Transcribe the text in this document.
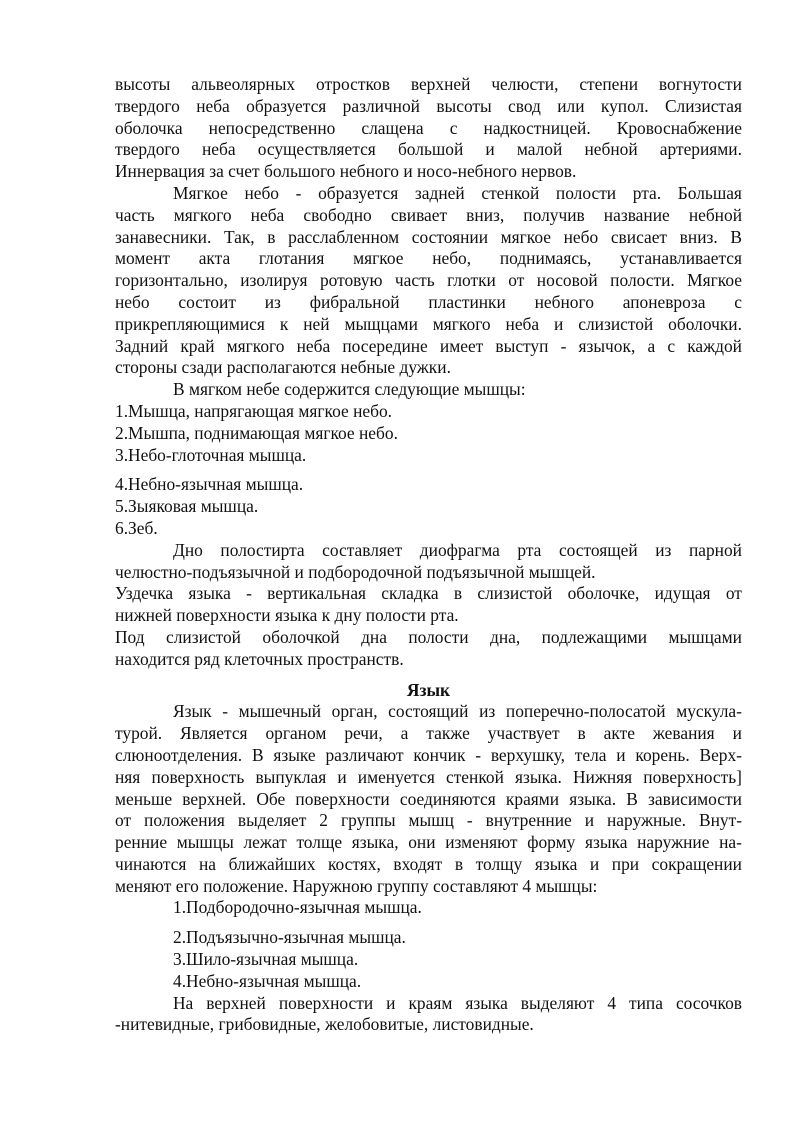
высоты альвеолярных отростков верхней челюсти, степени вогнутости
твердого неба образуется различной высоты свод или купол. Слизистая
оболочка непосредственно слащена с надкостницей. Кровоснабжение
твердого неба осуществляется большой и малой небной артериями.
Иннервация за счет большого небного и носо-небного нервов.
Мягкое небо - образуется задней стенкой полости рта. Большая
часть мягкого неба свободно свивает вниз, получив название небной
занавесники. Так, в расслабленном состоянии мягкое небо свисает вниз. В
момент акта глотания мягкое небо, поднимаясь, устанавливается
горизонтально, изолируя ротовую часть глотки от носовой полости. Мягкое
небо состоит из фибральной пластинки небного апоневроза с
прикрепляющимися к ней мыщцами мягкого неба и слизистой оболочки.
Задний край мягкого неба посередине имеет выступ - язычок, а с каждой
стороны сзади располагаются небные дужки.
В мягком небе содержится следующие мышцы:
1.Мышца, напрягающая мягкое небо.
2.Мышпа, поднимающая мягкое небо.
3.Небо-глоточная мышца.
4.Небно-язычная мышца.
5.Зыяковая мышца.
6.Зеб.
Дно полостирта составляет диофрагма рта состоящей из парной
челюстно-подъязычной и подбородочной подъязычной мышцей.
Уздечка языка - вертикальная складка в слизистой оболочке, идущая от
нижней поверхности языка к дну полости рта.
Под слизистой оболочкой дна полости дна, подлежащими мышцами
находится ряд клеточных пространств.
Язык
Язык - мышечный орган, состоящий из поперечно-полосатой мускула-
турой. Является органом речи, а также участвует в акте жевания и
слюноотделения. В языке различают кончик - верхушку, тела и корень. Верх-
няя поверхность выпуклая и именуется стенкой языка. Нижняя поверхность]
меньше верхней. Обе поверхности соединяются краями языка. В зависимости
от положения выделяет 2 группы мышц - внутренние и наружные. Внут-
ренние мышцы лежат толще языка, они изменяют форму языка наружние на-
чинаются на ближайших костях, входят в толщу языка и при сокращении
меняют его положение. Наружною группу составляют 4 мышцы:
1.Подбородочно-язычная мышца.
2.Подъязычно-язычная мышца.
3.Шило-язычная мышца.
4.Небно-язычная мышца.
На верхней поверхности и краям языка выделяют 4 типа сосочков
-нитевидные, грибовидные, желобовитые, листовидные.
